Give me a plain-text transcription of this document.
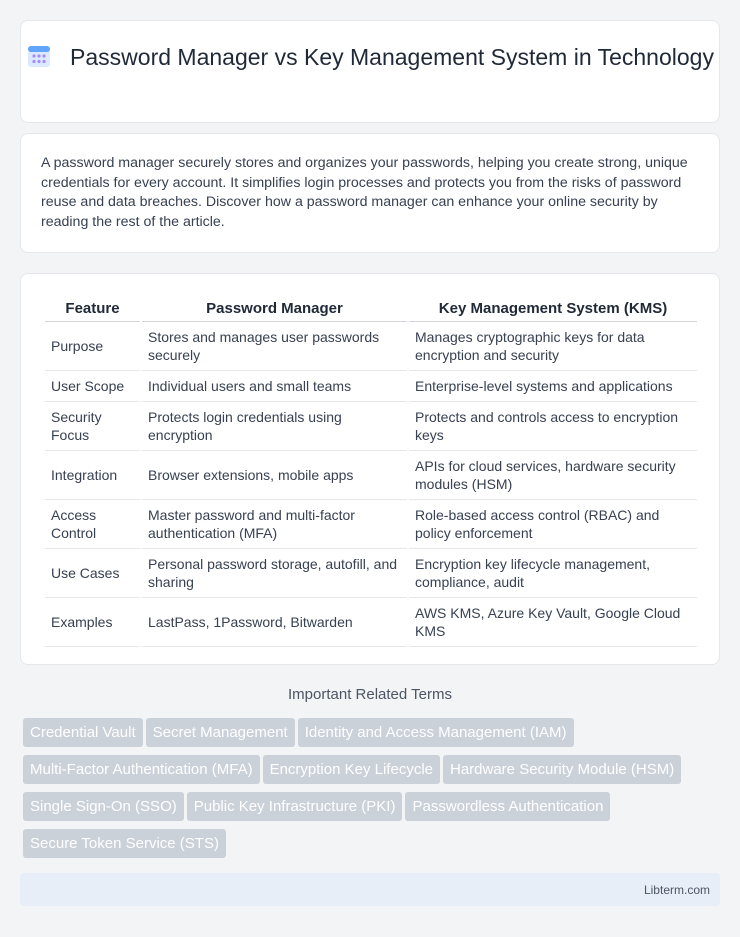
Password Manager vs Key Management System in Technology

A password manager securely stores and organizes your passwords, helping you create strong, unique credentials for every account. It simplifies login processes and protects you from the risks of password reuse and data breaches. Discover how a password manager can enhance your online security by reading the rest of the article.

Feature	Password Manager	Key Management System (KMS)
Purpose	Stores and manages user passwords securely	Manages cryptographic keys for data encryption and security
User Scope	Individual users and small teams	Enterprise-level systems and applications
Security Focus	Protects login credentials using encryption	Protects and controls access to encryption keys
Integration	Browser extensions, mobile apps	APIs for cloud services, hardware security modules (HSM)
Access Control	Master password and multi-factor authentication (MFA)	Role-based access control (RBAC) and policy enforcement
Use Cases	Personal password storage, autofill, and sharing	Encryption key lifecycle management, compliance, audit
Examples	LastPass, 1Password, Bitwarden	AWS KMS, Azure Key Vault, Google Cloud KMS
Important Related Terms
Credential Vault Secret Management Identity and Access Management (IAM)Multi-Factor Authentication (MFA) Encryption Key Lifecycle Hardware Security Module (HSM)Single Sign-On (SSO) Public Key Infrastructure (PKI) Passwordless AuthenticationSecure Token Service (STS)
Libterm.com
